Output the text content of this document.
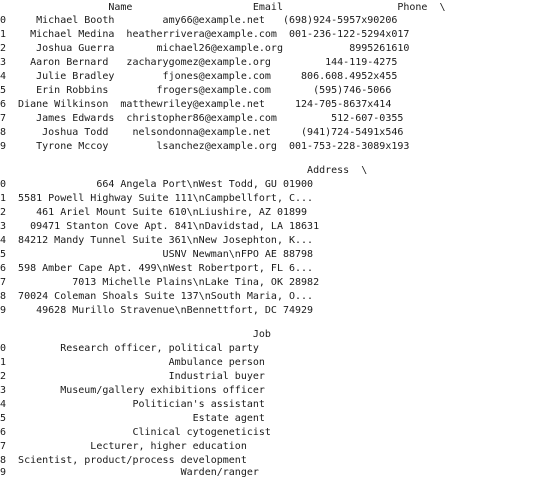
Name                    Email                   Phone  \
0     Michael Booth        amy66@example.net   (698)924-5957x90206
1    Michael Medina  heatherrivera@example.com  001-236-122-5294x017
2     Joshua Guerra       michael26@example.org           8995261610
3    Aaron Bernard   zacharygomez@example.org         144-119-4275
4     Julie Bradley        fjones@example.com     806.608.4952x455
5     Erin Robbins        frogers@example.com       (595)746-5066
6  Diane Wilkinson  matthewriley@example.net     124-705-8637x414
7     James Edwards  christopher86@example.com         512-607-0355
8      Joshua Todd    nelsondonna@example.net     (941)724-5491x546
9     Tyrone Mccoy        lsanchez@example.org  001-753-228-3089x193
Address  \
0               664 Angela Port\nWest Todd, GU 01900
1  5581 Powell Highway Suite 111\nCampbellfort, C...
2     461 Ariel Mount Suite 610\nLiushire, AZ 01899
3    09471 Stanton Cove Apt. 841\nDavidstad, LA 18631
4  84212 Mandy Tunnel Suite 361\nNew Josephton, K...
5                          USNV Newman\nFPO AE 88798
6  598 Amber Cape Apt. 499\nWest Robertport, FL 6...
7           7013 Michelle Plains\nLake Tina, OK 28982
8  70024 Coleman Shoals Suite 137\nSouth Maria, O...
9     49628 Murillo Stravenue\nBennettfort, DC 74929
Job
0         Research officer, political party
1                           Ambulance person
2                           Industrial buyer
3         Museum/gallery exhibitions officer
4                     Politician's assistant
5                               Estate agent
6                     Clinical cytogeneticist
7              Lecturer, higher education
8  Scientist, product/process development
9                             Warden/ranger
